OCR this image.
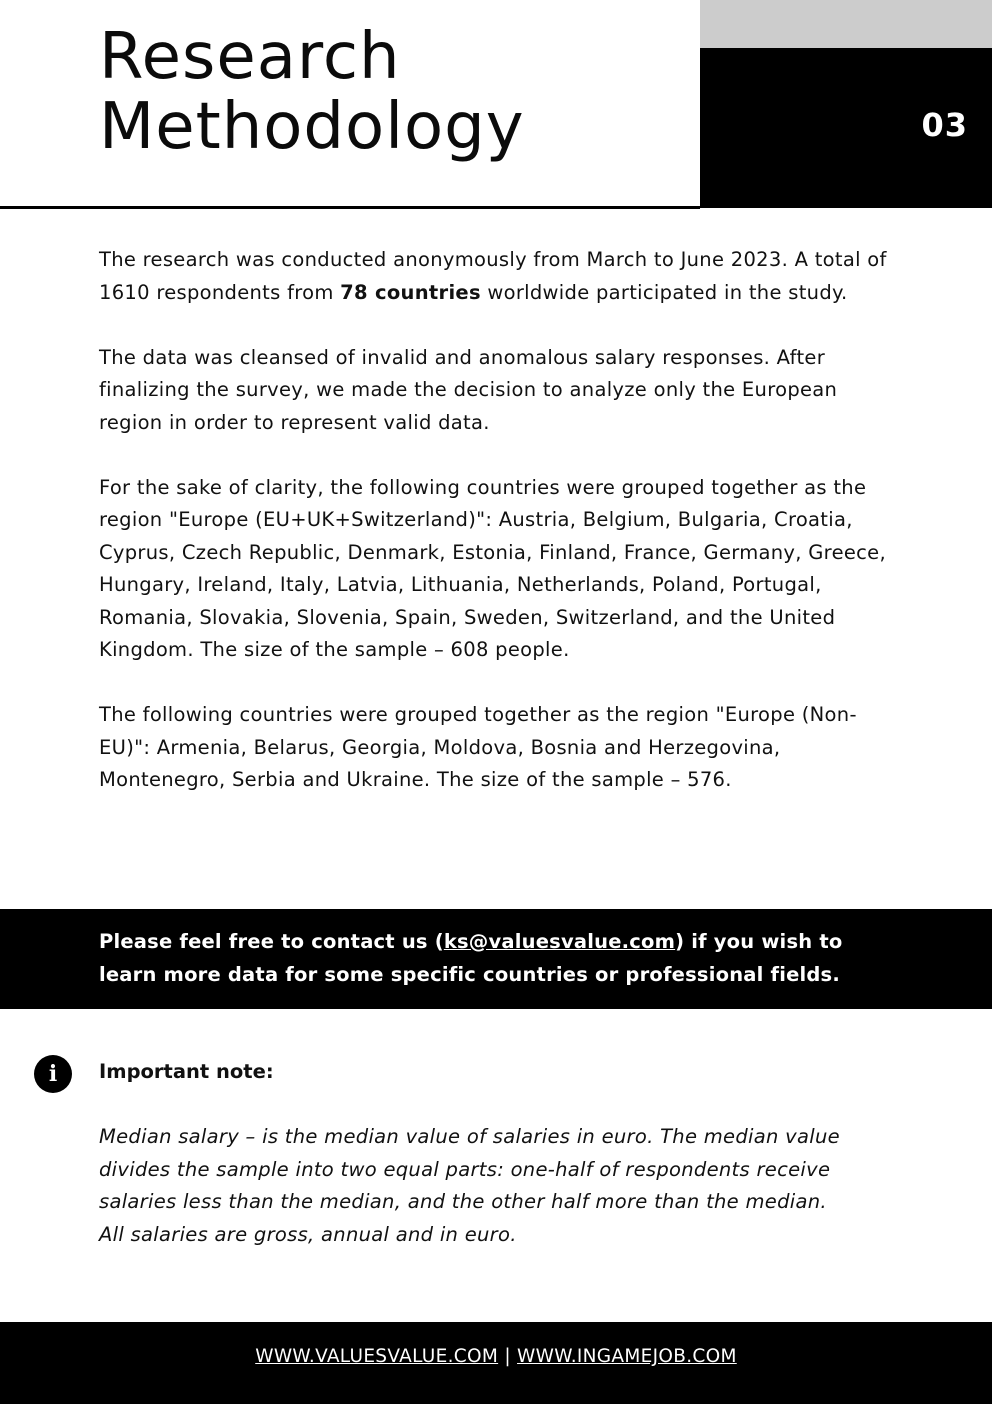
Research
Methodology	03

The research was conducted anonymously from March to June 2023. A total of 1610 respondents from 78 countries worldwide participated in the study.

The data was cleansed of invalid and anomalous salary responses. After finalizing the survey, we made the decision to analyze only the European region in order to represent valid data.

For the sake of clarity, the following countries were grouped together as the region "Europe (EU+UK+Switzerland)": Austria, Belgium, Bulgaria, Croatia, Cyprus, Czech Republic, Denmark, Estonia, Finland, France, Germany, Greece, Hungary, Ireland, Italy, Latvia, Lithuania, Netherlands, Poland, Portugal, Romania, Slovakia, Slovenia, Spain, Sweden, Switzerland, and the United Kingdom. The size of the sample – 608 people.

The following countries were grouped together as the region "Europe (Non-EU)": Armenia, Belarus, Georgia, Moldova, Bosnia and Herzegovina, Montenegro, Serbia and Ukraine. The size of the sample – 576.

Please feel free to contact us (ks@valuesvalue.com) if you wish to learn more data for some specific countries or professional fields.
i	Important note:

Median salary – is the median value of salaries in euro. The median value divides the sample into two equal parts: one-half of respondents receive salaries less than the median, and the other half more than the median.

All salaries are gross, annual and in euro.

WWW.VALUESVALUE.COM | WWW.INGAMEJOB.COM
